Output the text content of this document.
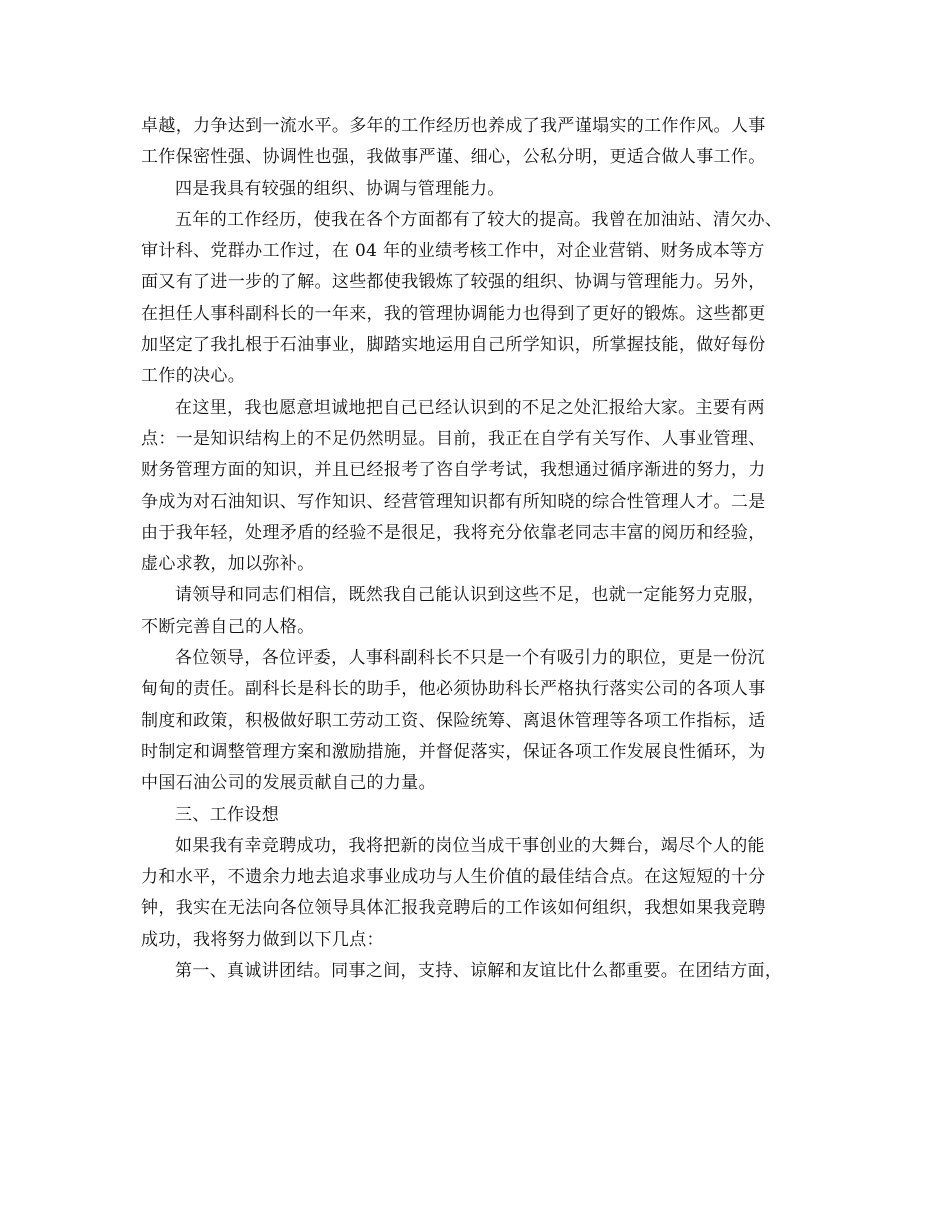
卓越，力争达到一流水平。多年的工作经历也养成了我严谨塌实的工作作风。人事
工作保密性强、协调性也强，我做事严谨、细心，公私分明，更适合做人事工作。
四是我具有较强的组织、协调与管理能力。
五年的工作经历，使我在各个方面都有了较大的提高。我曾在加油站、清欠办、
审计科、党群办工作过，在 04 年的业绩考核工作中，对企业营销、财务成本等方
面又有了进一步的了解。这些都使我锻炼了较强的组织、协调与管理能力。另外，
在担任人事科副科长的一年来，我的管理协调能力也得到了更好的锻炼。这些都更
加坚定了我扎根于石油事业，脚踏实地运用自己所学知识，所掌握技能，做好每份
工作的决心。
在这里，我也愿意坦诚地把自己已经认识到的不足之处汇报给大家。主要有两
点：一是知识结构上的不足仍然明显。目前，我正在自学有关写作、人事业管理、
财务管理方面的知识，并且已经报考了咨自学考试，我想通过循序渐进的努力，力
争成为对石油知识、写作知识、经营管理知识都有所知晓的综合性管理人才。二是
由于我年轻，处理矛盾的经验不是很足，我将充分依靠老同志丰富的阅历和经验，
虚心求教，加以弥补。
请领导和同志们相信，既然我自己能认识到这些不足，也就一定能努力克服，
不断完善自己的人格。
各位领导，各位评委，人事科副科长不只是一个有吸引力的职位，更是一份沉
甸甸的责任。副科长是科长的助手，他必须协助科长严格执行落实公司的各项人事
制度和政策，积极做好职工劳动工资、保险统筹、离退休管理等各项工作指标，适
时制定和调整管理方案和激励措施，并督促落实，保证各项工作发展良性循环，为
中国石油公司的发展贡献自己的力量。
三、工作设想
如果我有幸竞聘成功，我将把新的岗位当成干事创业的大舞台，竭尽个人的能
力和水平，不遗余力地去追求事业成功与人生价值的最佳结合点。在这短短的十分
钟，我实在无法向各位领导具体汇报我竞聘后的工作该如何组织，我想如果我竞聘
成功，我将努力做到以下几点：
第一、真诚讲团结。同事之间，支持、谅解和友谊比什么都重要。在团结方面，
